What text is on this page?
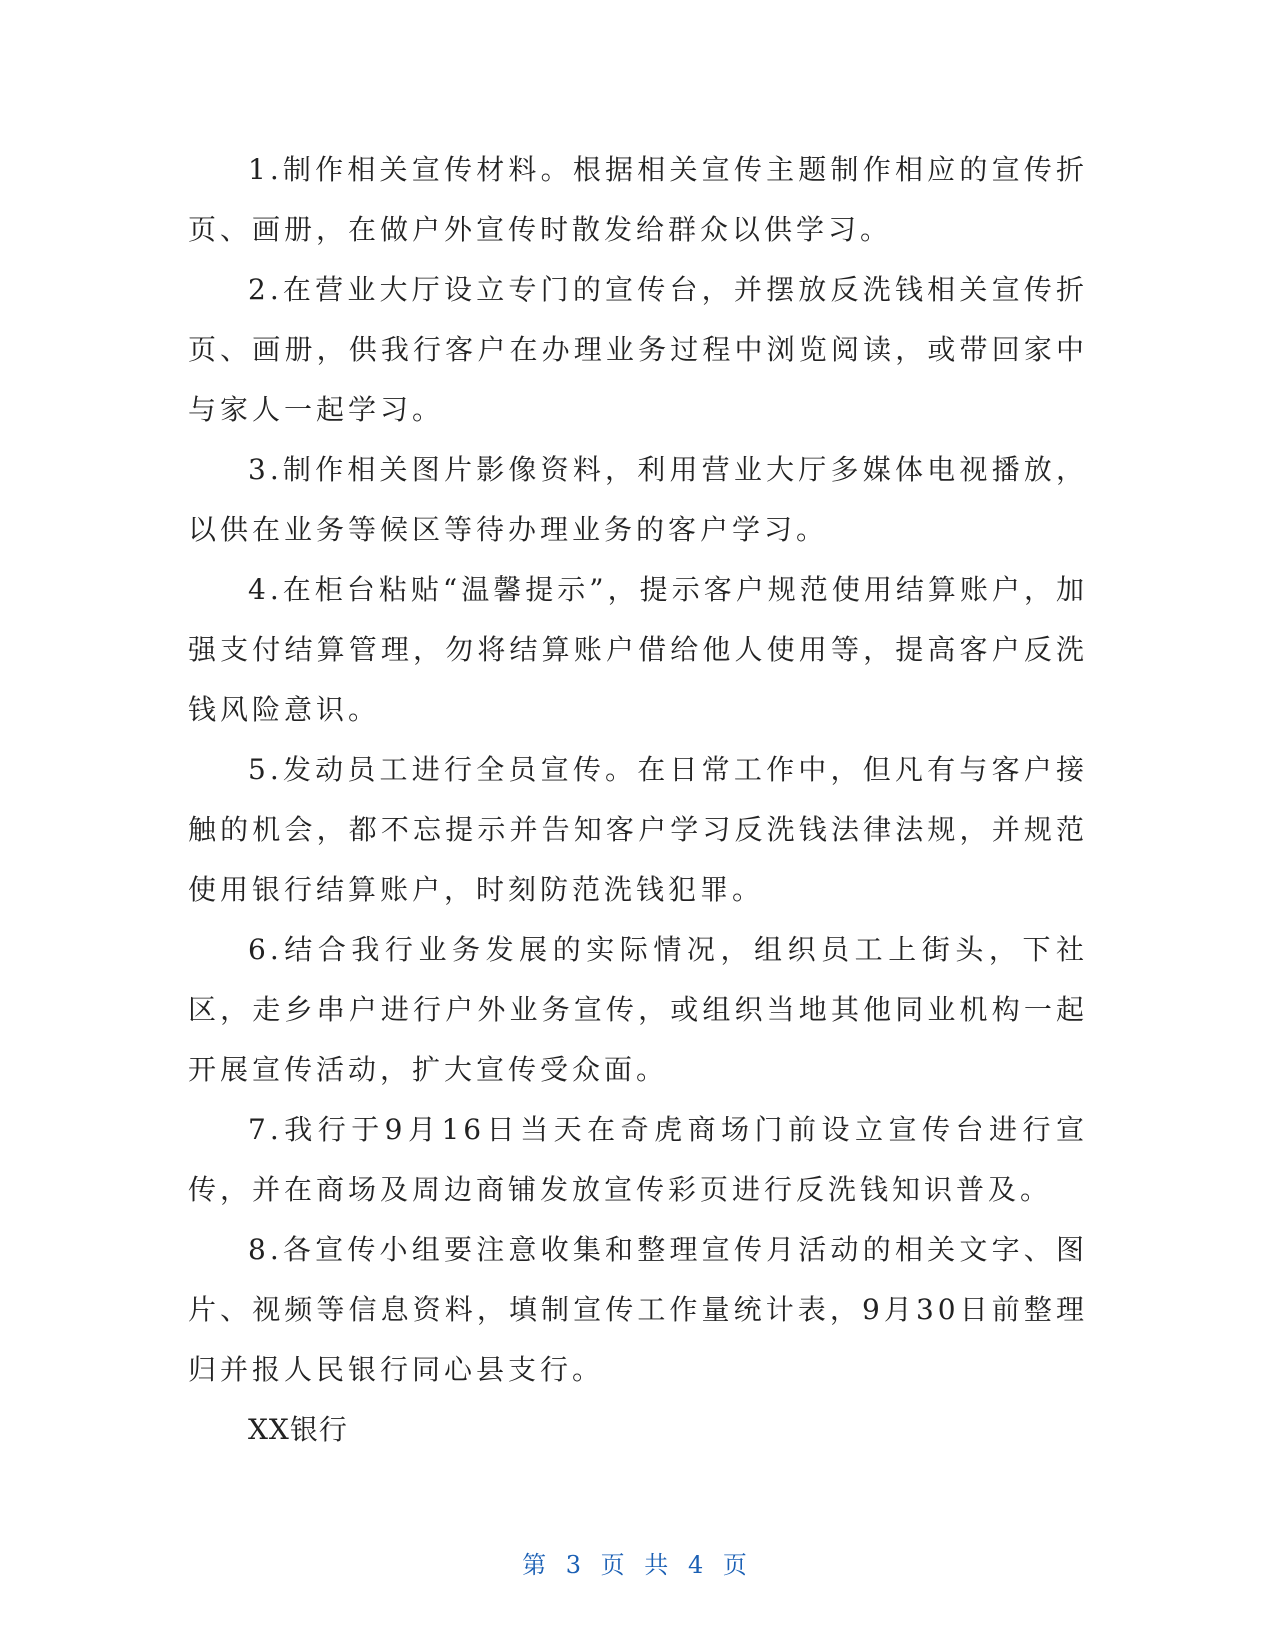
1.制作相关宣传材料。根据相关宣传主题制作相应的宣传折页、画册，在做户外宣传时散发给群众以供学习。

2.在营业大厅设立专门的宣传台，并摆放反洗钱相关宣传折页、画册，供我行客户在办理业务过程中浏览阅读，或带回家中与家人一起学习。

3.制作相关图片影像资料，利用营业大厅多媒体电视播放，以供在业务等候区等待办理业务的客户学习。

4.在柜台粘贴“温馨提示”，提示客户规范使用结算账户，加强支付结算管理，勿将结算账户借给他人使用等，提高客户反洗钱风险意识。

5.发动员工进行全员宣传。在日常工作中，但凡有与客户接触的机会，都不忘提示并告知客户学习反洗钱法律法规，并规范使用银行结算账户，时刻防范洗钱犯罪。

6.结合我行业务发展的实际情况，组织员工上街头，下社区，走乡串户进行户外业务宣传，或组织当地其他同业机构一起开展宣传活动，扩大宣传受众面。

7.我行于9月16日当天在奇虎商场门前设立宣传台进行宣传，并在商场及周边商铺发放宣传彩页进行反洗钱知识普及。

8.各宣传小组要注意收集和整理宣传月活动的相关文字、图片、视频等信息资料，填制宣传工作量统计表，9月30日前整理归并报人民银行同心县支行。

XX银行

第 3 页 共 4 页
